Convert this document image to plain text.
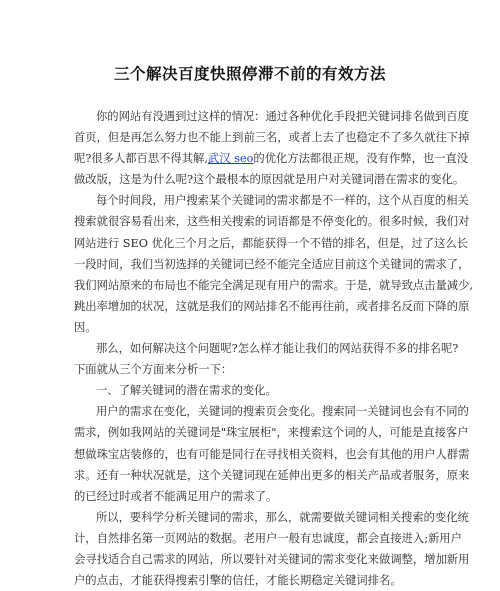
三个解决百度快照停滞不前的有效方法
你的网站有没遇到过这样的情况：通过各种优化手段把关键词排名做到百度
首页，但是再怎么努力也不能上到前三名，或者上去了也稳定不了多久就往下掉
呢?很多人都百思不得其解,武汉 seo的优化方法都很正规，没有作弊，也一直没
做改版，这是为什么呢?这个最根本的原因就是用户对关键词潜在需求的变化。
每个时间段，用户搜索某个关键词的需求都是不一样的，这个从百度的相关
搜索就很容易看出来，这些相关搜索的词语都是不停变化的。很多时候，我们对
网站进行 SEO 优化三个月之后，都能获得一个不错的排名，但是，过了这么长
一段时间，我们当初选择的关键词已经不能完全适应目前这个关键词的需求了，
我们网站原来的布局也不能完全满足现有用户的需求。于是，就导致点击量减少,
跳出率增加的状况，这就是我们的网站排名不能再往前，或者排名反而下降的原
因。
那么，如何解决这个问题呢?怎么样才能让我们的网站获得不多的排名呢?
下面就从三个方面来分析一下：
一、了解关键词的潜在需求的变化。
用户的需求在变化，关键词的搜索页会变化。搜索同一关键词也会有不同的
需求，例如我网站的关键词是"珠宝展柜"，来搜索这个词的人，可能是直接客户
想做珠宝店装修的，也有可能是同行在寻找相关资料，也会有其他的用户人群需
求。还有一种状况就是，这个关键词现在延伸出更多的相关产品或者服务，原来
的已经过时或者不能满足用户的需求了。
所以，要科学分析关键词的需求，那么，就需要做关键词相关搜索的变化统
计，自然排名第一页网站的数据。老用户一般有忠诚度，都会直接进入;新用户
会寻找适合自己需求的网站，所以要针对关键词的需求变化来做调整，增加新用
户的点击，才能获得搜索引擎的信任，才能长期稳定关键词排名。
